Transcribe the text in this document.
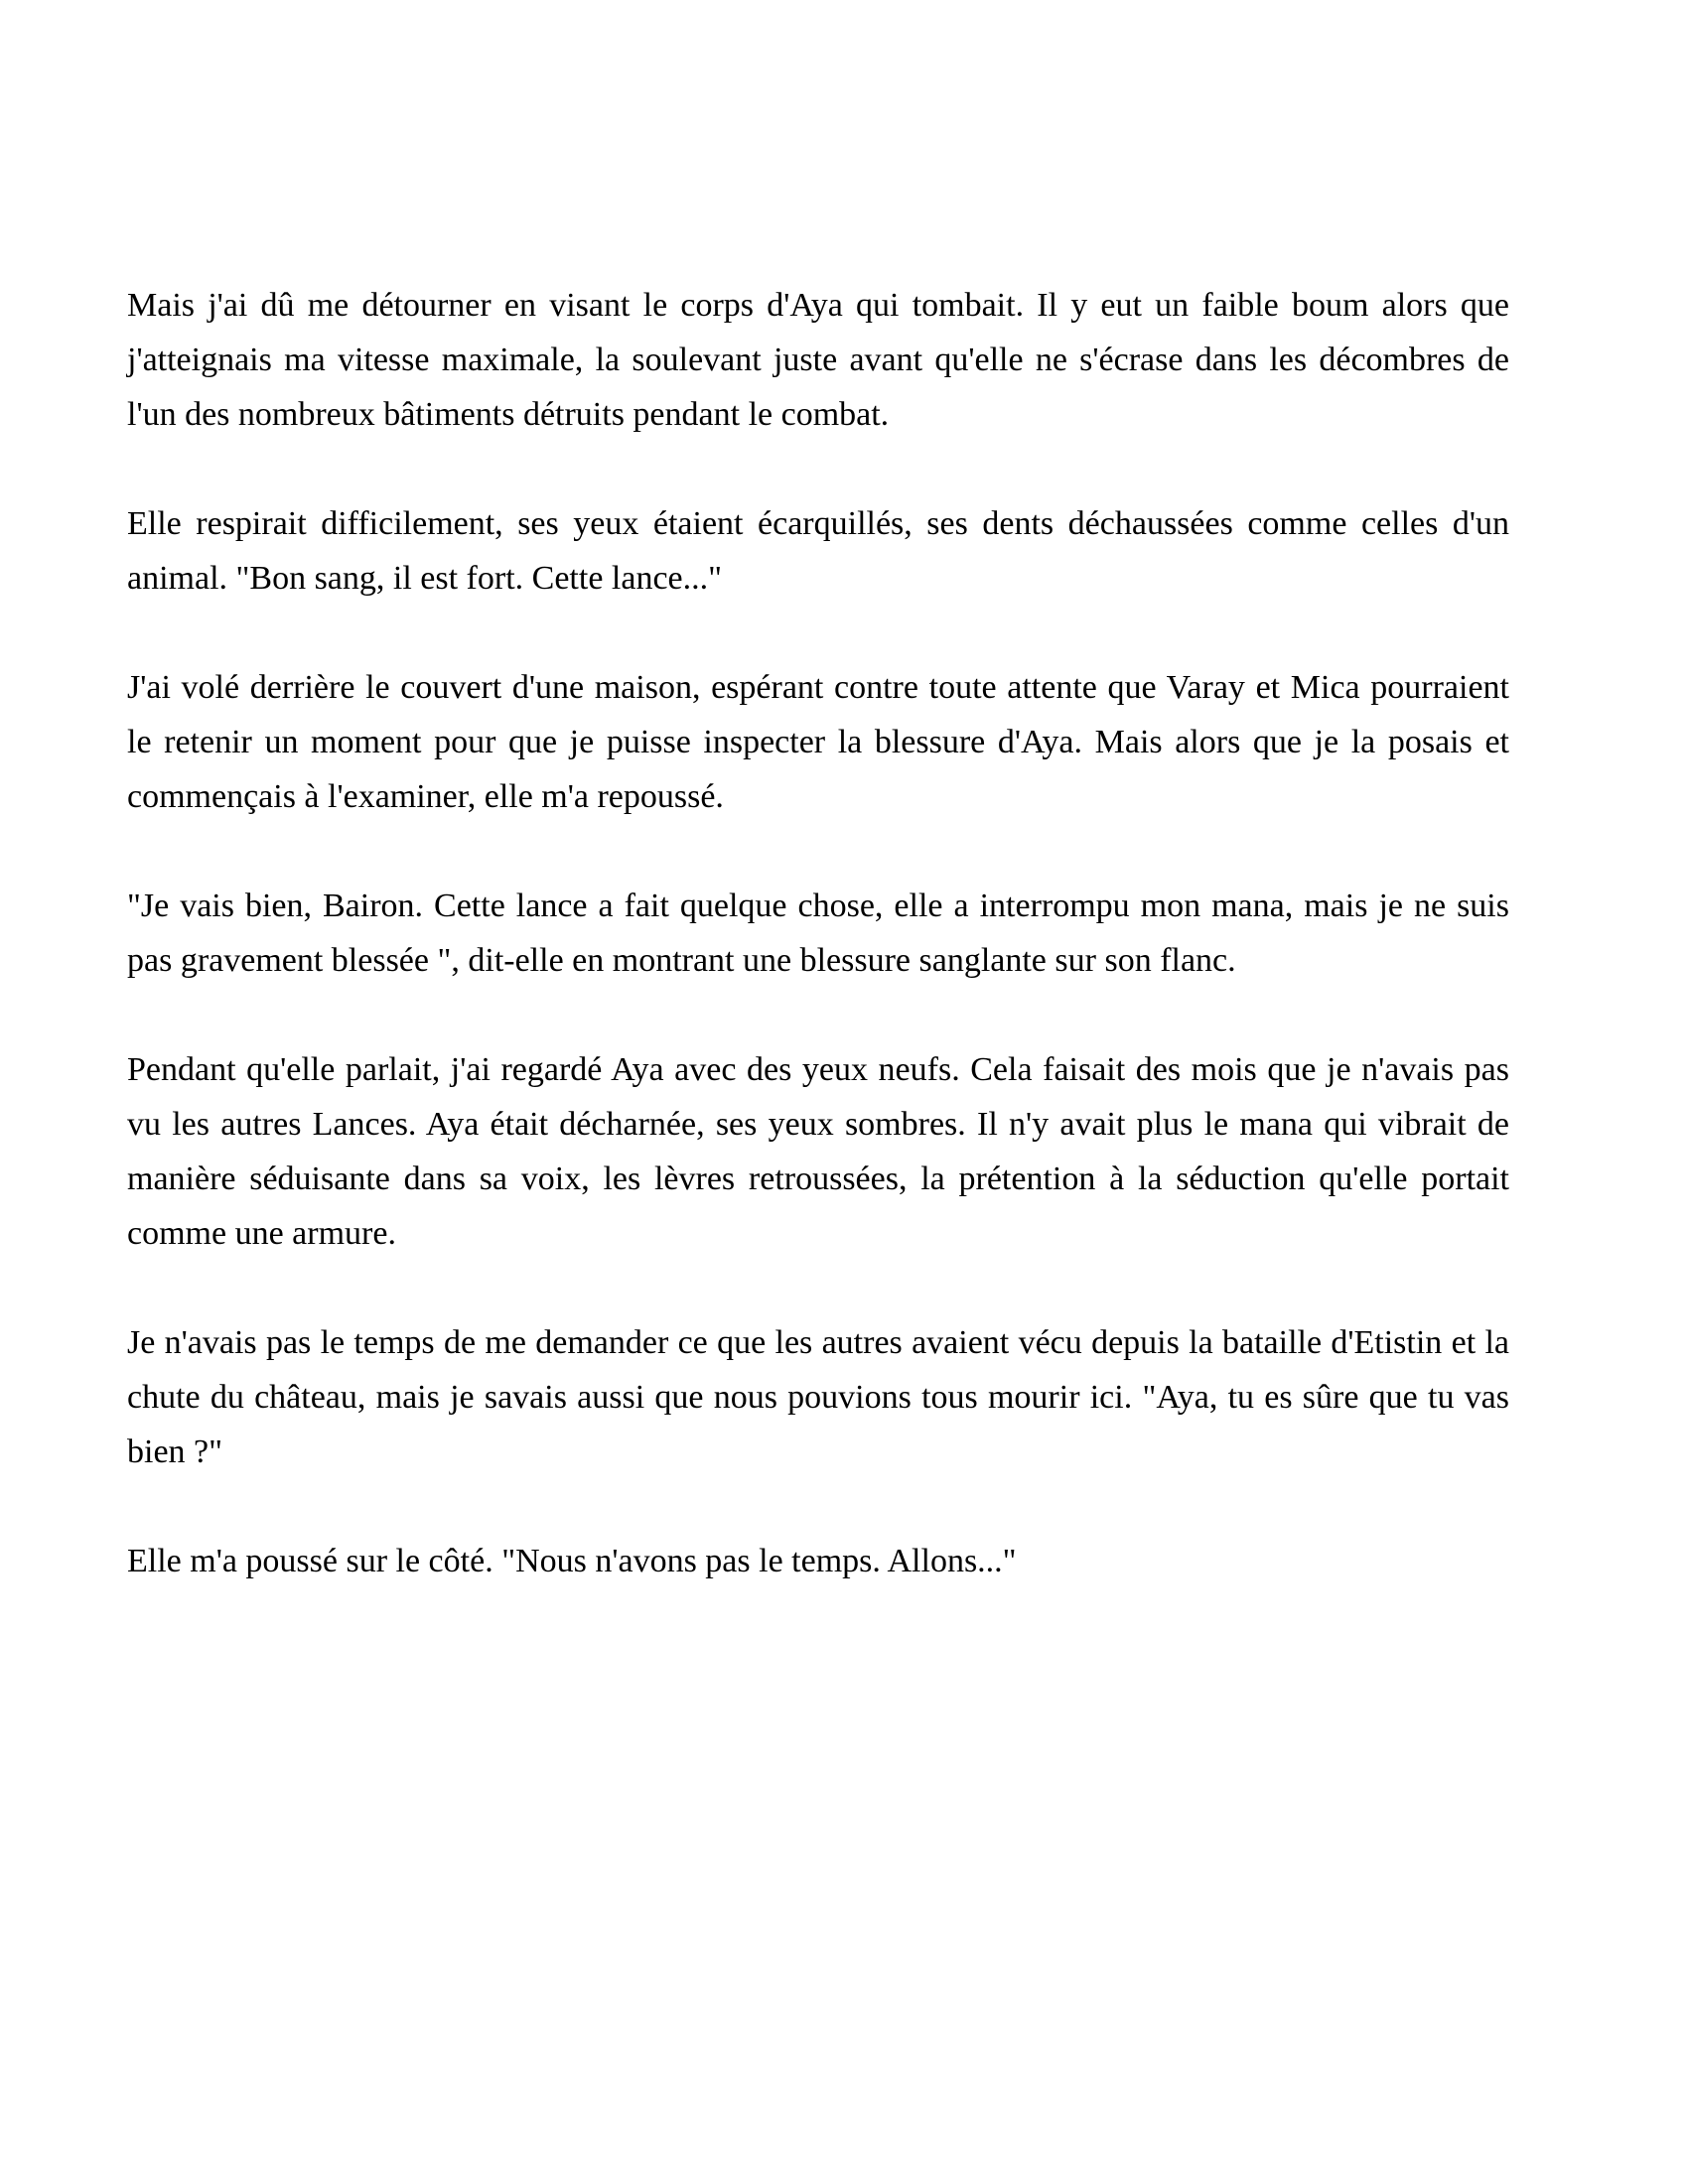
Mais j'ai dû me détourner en visant le corps d'Aya qui tombait. Il y eut un faible boum alors que j'atteignais ma vitesse maximale, la soulevant juste avant qu'elle ne s'écrase dans les décombres de l'un des nombreux bâtiments détruits pendant le combat.

Elle respirait difficilement, ses yeux étaient écarquillés, ses dents déchaussées comme celles d'un animal. "Bon sang, il est fort. Cette lance..."

J'ai volé derrière le couvert d'une maison, espérant contre toute attente que Varay et Mica pourraient le retenir un moment pour que je puisse inspecter la blessure d'Aya. Mais alors que je la posais et commençais à l'examiner, elle m'a repoussé.

"Je vais bien, Bairon. Cette lance a fait quelque chose, elle a interrompu mon mana, mais je ne suis pas gravement blessée ", dit-elle en montrant une blessure sanglante sur son flanc.

Pendant qu'elle parlait, j'ai regardé Aya avec des yeux neufs. Cela faisait des mois que je n'avais pas vu les autres Lances. Aya était décharnée, ses yeux sombres. Il n'y avait plus le mana qui vibrait de manière séduisante dans sa voix, les lèvres retroussées, la prétention à la séduction qu'elle portait comme une armure.

Je n'avais pas le temps de me demander ce que les autres avaient vécu depuis la bataille d'Etistin et la chute du château, mais je savais aussi que nous pouvions tous mourir ici. "Aya, tu es sûre que tu vas bien ?"

Elle m'a poussé sur le côté. "Nous n'avons pas le temps. Allons..."
